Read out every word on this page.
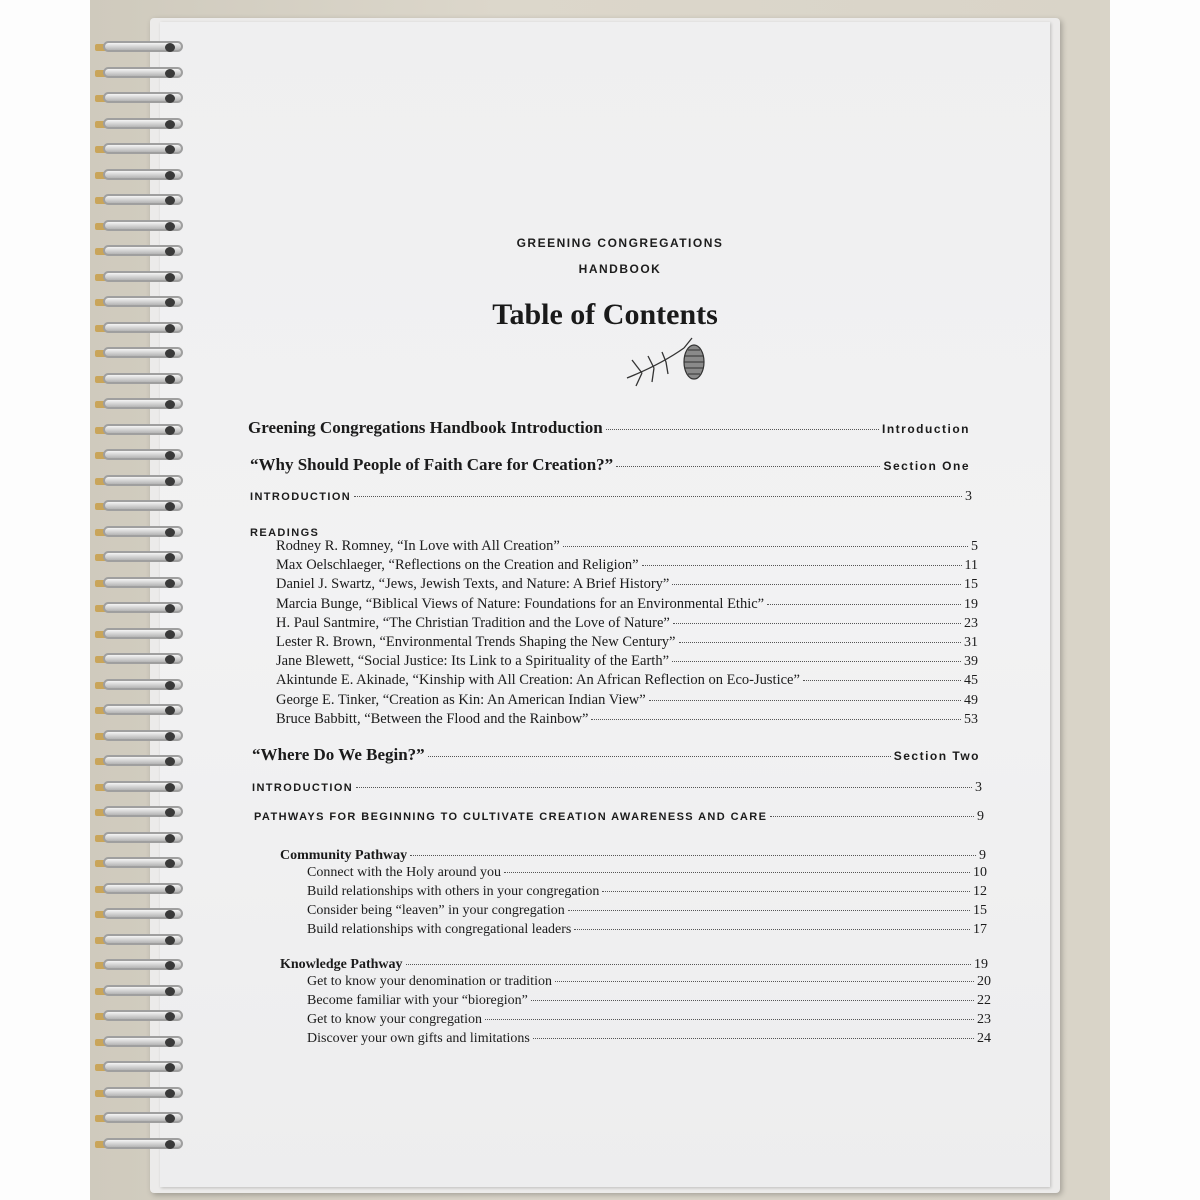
GREENING CONGREGATIONS
HANDBOOK
Table of Contents
Greening Congregations Handbook Introduction	Introduction
“Why Should People of Faith Care for Creation?”	Section One
INTRODUCTION	3
READINGS
Rodney R. Romney, “In Love with All Creation”	5
Max Oelschlaeger, “Reflections on the Creation and Religion”	11
Daniel J. Swartz, “Jews, Jewish Texts, and Nature: A Brief History”	15
Marcia Bunge, “Biblical Views of Nature: Foundations for an Environmental Ethic”	19
H. Paul Santmire, “The Christian Tradition and the Love of Nature”	23
Lester R. Brown, “Environmental Trends Shaping the New Century”	31
Jane Blewett, “Social Justice: Its Link to a Spirituality of the Earth”	39
Akintunde E. Akinade, “Kinship with All Creation: An African Reflection on Eco-Justice”	45
George E. Tinker, “Creation as Kin: An American Indian View”	49
Bruce Babbitt, “Between the Flood and the Rainbow”	53
“Where Do We Begin?”	Section Two
INTRODUCTION	3
PATHWAYS FOR BEGINNING TO CULTIVATE CREATION AWARENESS AND CARE	9
Community Pathway	9
Connect with the Holy around you	10
Build relationships with others in your congregation	12
Consider being “leaven” in your congregation	15
Build relationships with congregational leaders	17
Knowledge Pathway	19
Get to know your denomination or tradition	20
Become familiar with your “bioregion”	22
Get to know your congregation	23
Discover your own gifts and limitations	24
